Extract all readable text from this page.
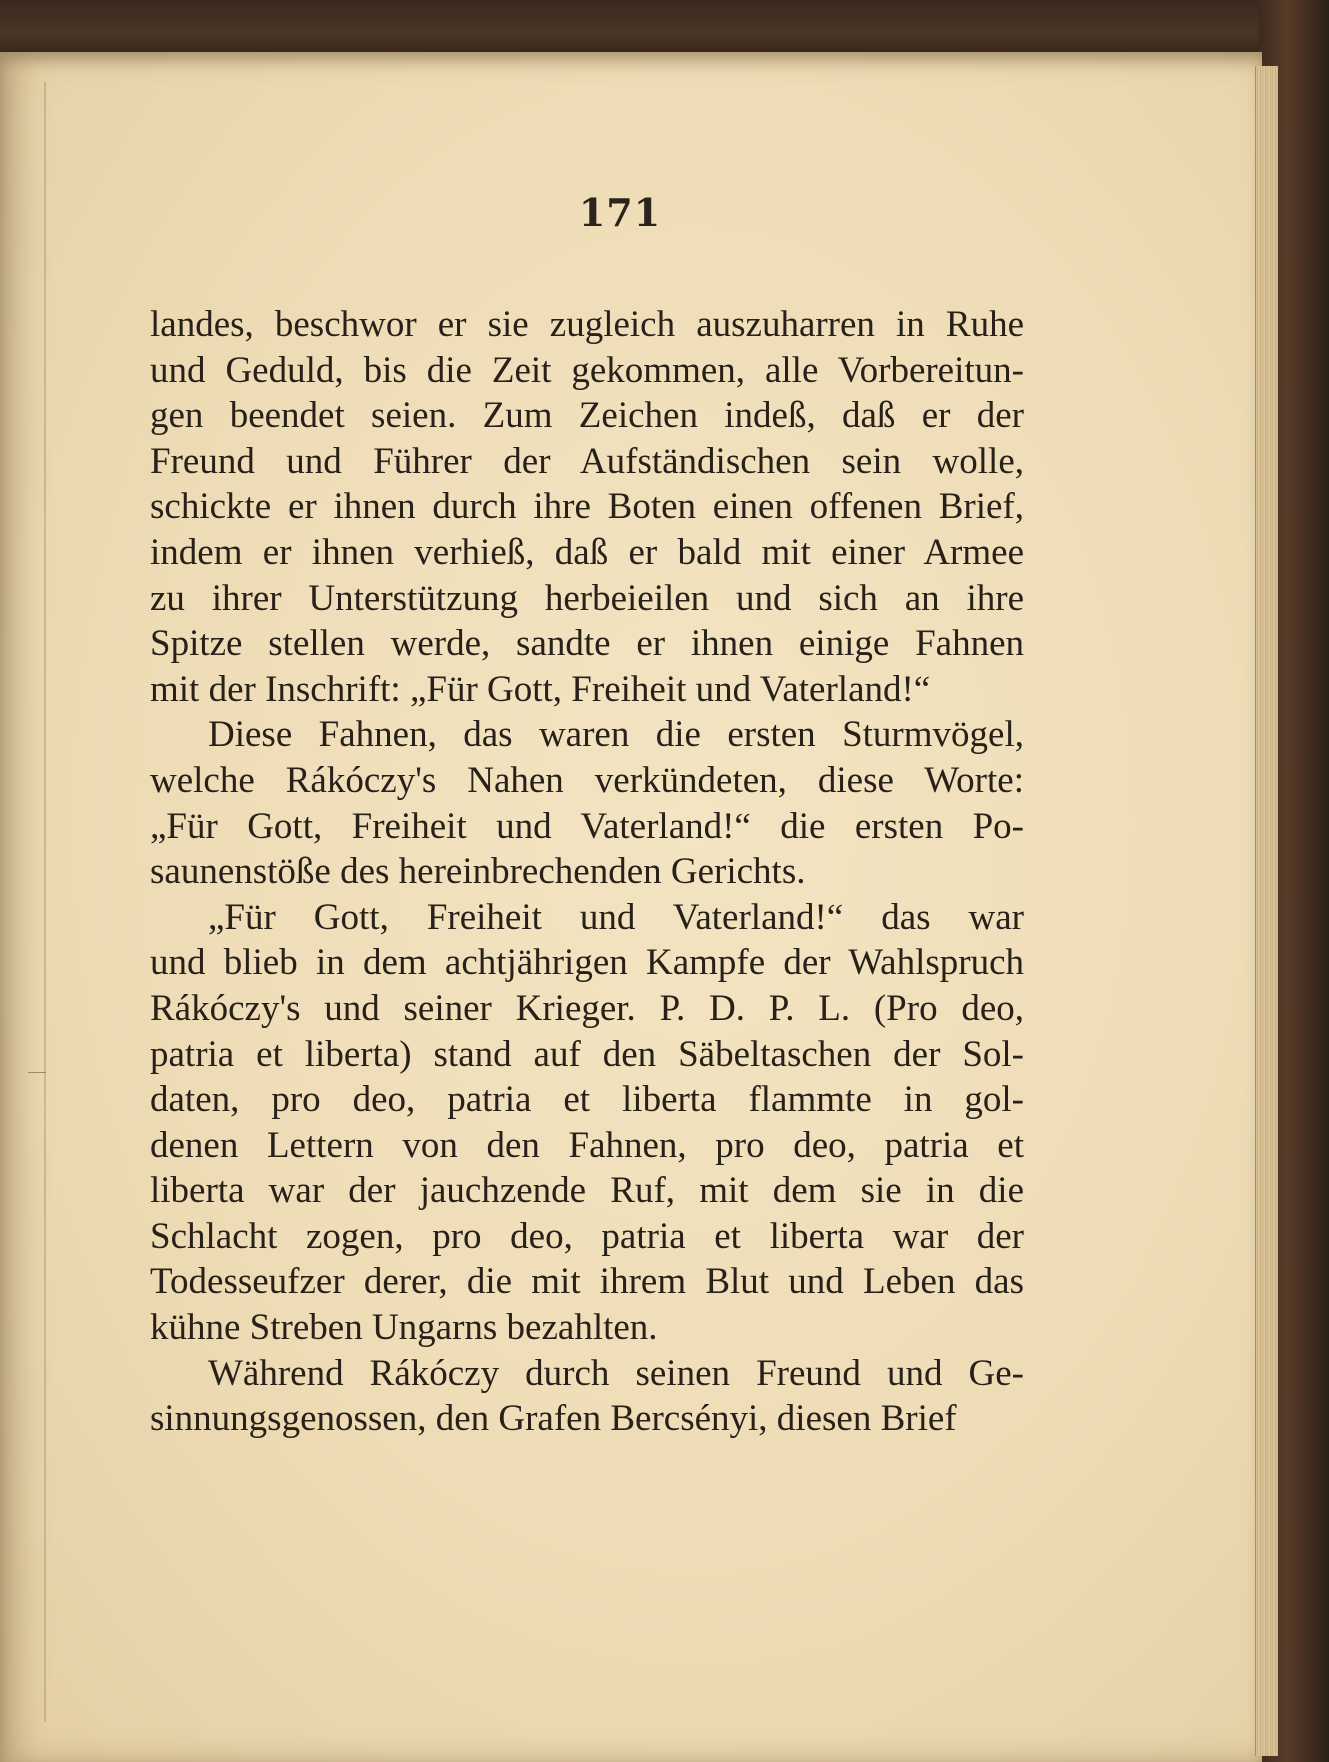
171
landes, beschwor er sie zugleich auszuharren in Ruhe
und Geduld, bis die Zeit gekommen, alle Vorbereitun-
gen beendet seien. Zum Zeichen indeß, daß er der
Freund und Führer der Aufständischen sein wolle,
schickte er ihnen durch ihre Boten einen offenen Brief,
indem er ihnen verhieß, daß er bald mit einer Armee
zu ihrer Unterstützung herbeieilen und sich an ihre
Spitze stellen werde, sandte er ihnen einige Fahnen
mit der Inschrift: „Für Gott, Freiheit und Vaterland!“
Diese Fahnen, das waren die ersten Sturmvögel,
welche Rákóczy's Nahen verkündeten, diese Worte:
„Für Gott, Freiheit und Vaterland!“ die ersten Po-
saunenstöße des hereinbrechenden Gerichts.
„Für Gott, Freiheit und Vaterland!“ das war
und blieb in dem achtjährigen Kampfe der Wahlspruch
Rákóczy's und seiner Krieger. P. D. P. L. (Pro deo,
patria et liberta) stand auf den Säbeltaschen der Sol-
daten, pro deo, patria et liberta flammte in gol-
denen Lettern von den Fahnen, pro deo, patria et
liberta war der jauchzende Ruf, mit dem sie in die
Schlacht zogen, pro deo, patria et liberta war der
Todesseufzer derer, die mit ihrem Blut und Leben das
kühne Streben Ungarns bezahlten.
Während Rákóczy durch seinen Freund und Ge-
sinnungsgenossen, den Grafen Bercsényi, diesen Brief
